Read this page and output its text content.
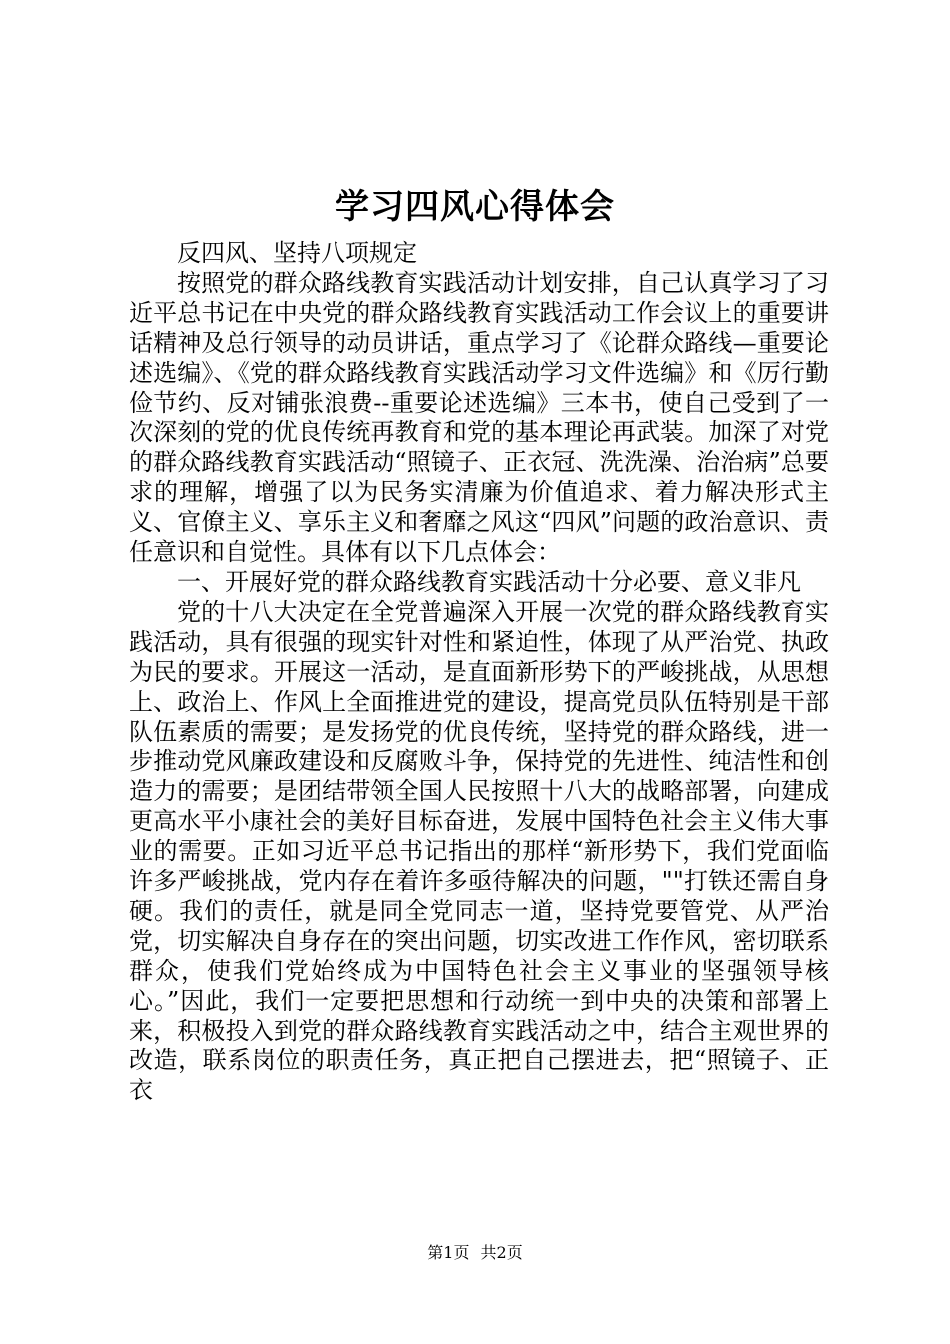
学习四风心得体会

反四风、坚持八项规定

按照党的群众路线教育实践活动计划安排，自己认真学习了习近平总书记在中央党的群众路线教育实践活动工作会议上的重要讲话精神及总行领导的动员讲话，重点学习了《论群众路线—重要论述选编》、《党的群众路线教育实践活动学习文件选编》和《厉行勤俭节约、反对铺张浪费--重要论述选编》三本书，使自己受到了一次深刻的党的优良传统再教育和党的基本理论再武装。加深了对党的群众路线教育实践活动“照镜子、正衣冠、洗洗澡、治治病”总要求的理解，增强了以为民务实清廉为价值追求、着力解决形式主义、官僚主义、享乐主义和奢靡之风这“四风”问题的政治意识、责任意识和自觉性。具体有以下几点体会：

一、开展好党的群众路线教育实践活动十分必要、意义非凡

党的十八大决定在全党普遍深入开展一次党的群众路线教育实践活动，具有很强的现实针对性和紧迫性，体现了从严治党、执政为民的要求。开展这一活动，是直面新形势下的严峻挑战，从思想上、政治上、作风上全面推进党的建设，提高党员队伍特别是干部队伍素质的需要；是发扬党的优良传统，坚持党的群众路线，进一步推动党风廉政建设和反腐败斗争，保持党的先进性、纯洁性和创造力的需要；是团结带领全国人民按照十八大的战略部署，向建成更高水平小康社会的美好目标奋进，发展中国特色社会主义伟大事业的需要。正如习近平总书记指出的那样“新形势下，我们党面临许多严峻挑战，党内存在着许多亟待解决的问题，""打铁还需自身硬。我们的责任，就是同全党同志一道，坚持党要管党、从严治党，切实解决自身存在的突出问题，切实改进工作作风，密切联系群众，使我们党始终成为中国特色社会主义事业的坚强领导核心。”因此，我们一定要把思想和行动统一到中央的决策和部署上来，积极投入到党的群众路线教育实践活动之中，结合主观世界的改造，联系岗位的职责任务，真正把自己摆进去，把“照镜子、正衣

第1页 共2页
